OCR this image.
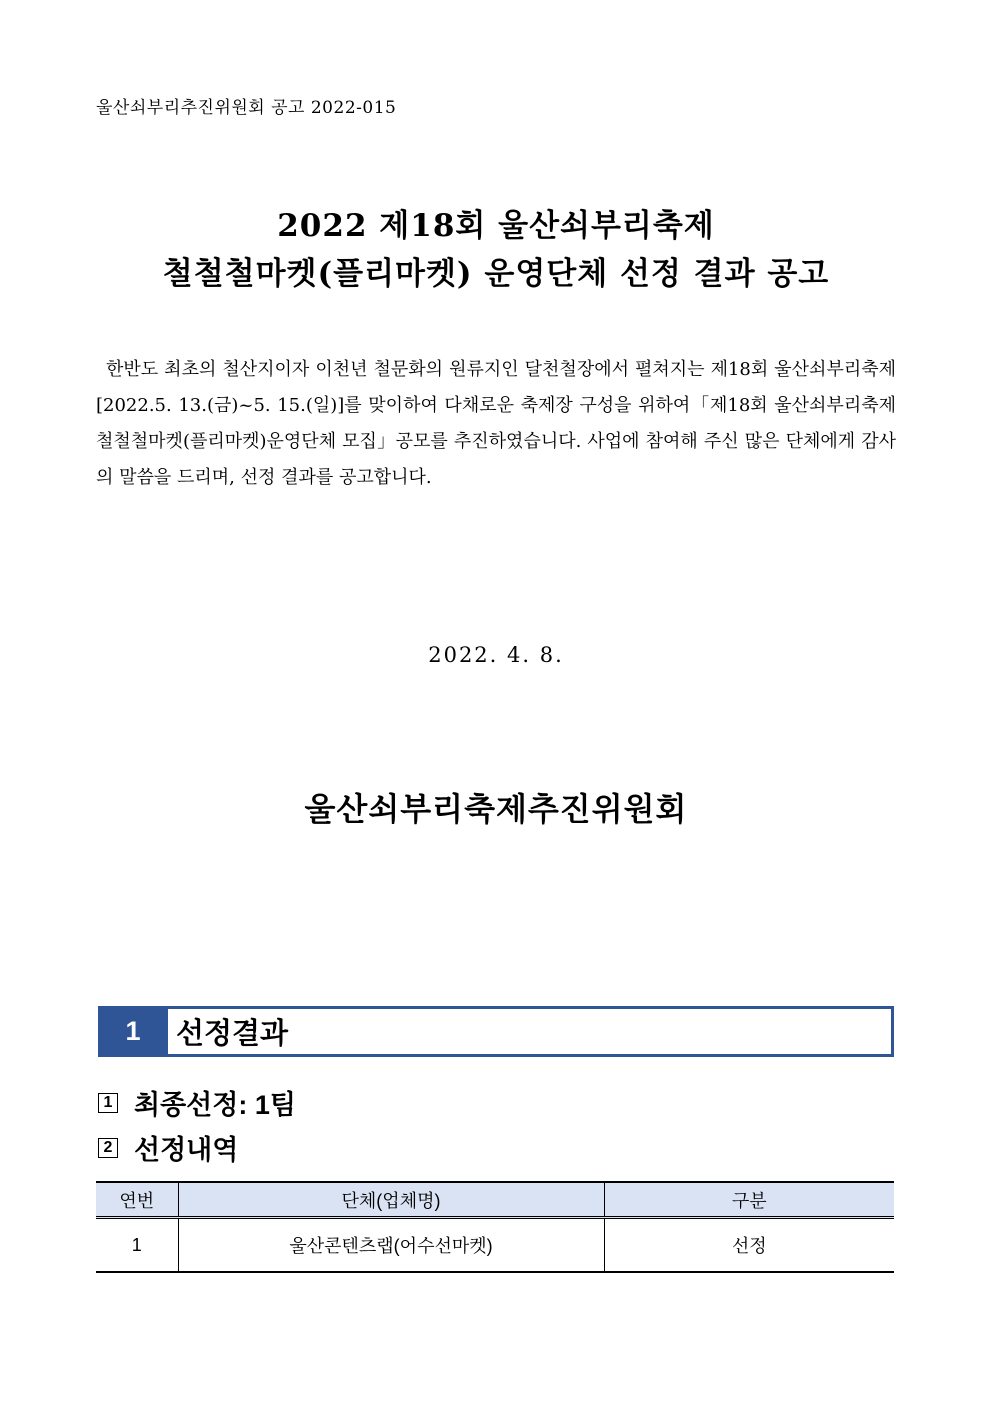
울산쇠부리추진위원회 공고 2022-015
2022 제18회 울산쇠부리축제
철철철마켓(플리마켓) 운영단체 선정 결과 공고
한반도 최초의 철산지이자 이천년 철문화의 원류지인 달천철장에서 펼쳐지는 제18회 울산쇠부리축제[2022.5. 13.(금)~5. 15.(일)]를 맞이하여 다채로운 축제장 구성을 위하여「제18회 울산쇠부리축제 철철철마켓(플리마켓)운영단체 모집」공모를 추진하였습니다. 사업에 참여해 주신 많은 단체에게 감사의 말씀을 드리며, 선정 결과를 공고합니다.
2022. 4. 8.
울산쇠부리축제추진위원회
1	선정결과
1 최종선정: 1팀
2 선정내역
연번	단체(업체명)	구분
1	울산콘텐츠랩(어수선마켓)	선정
